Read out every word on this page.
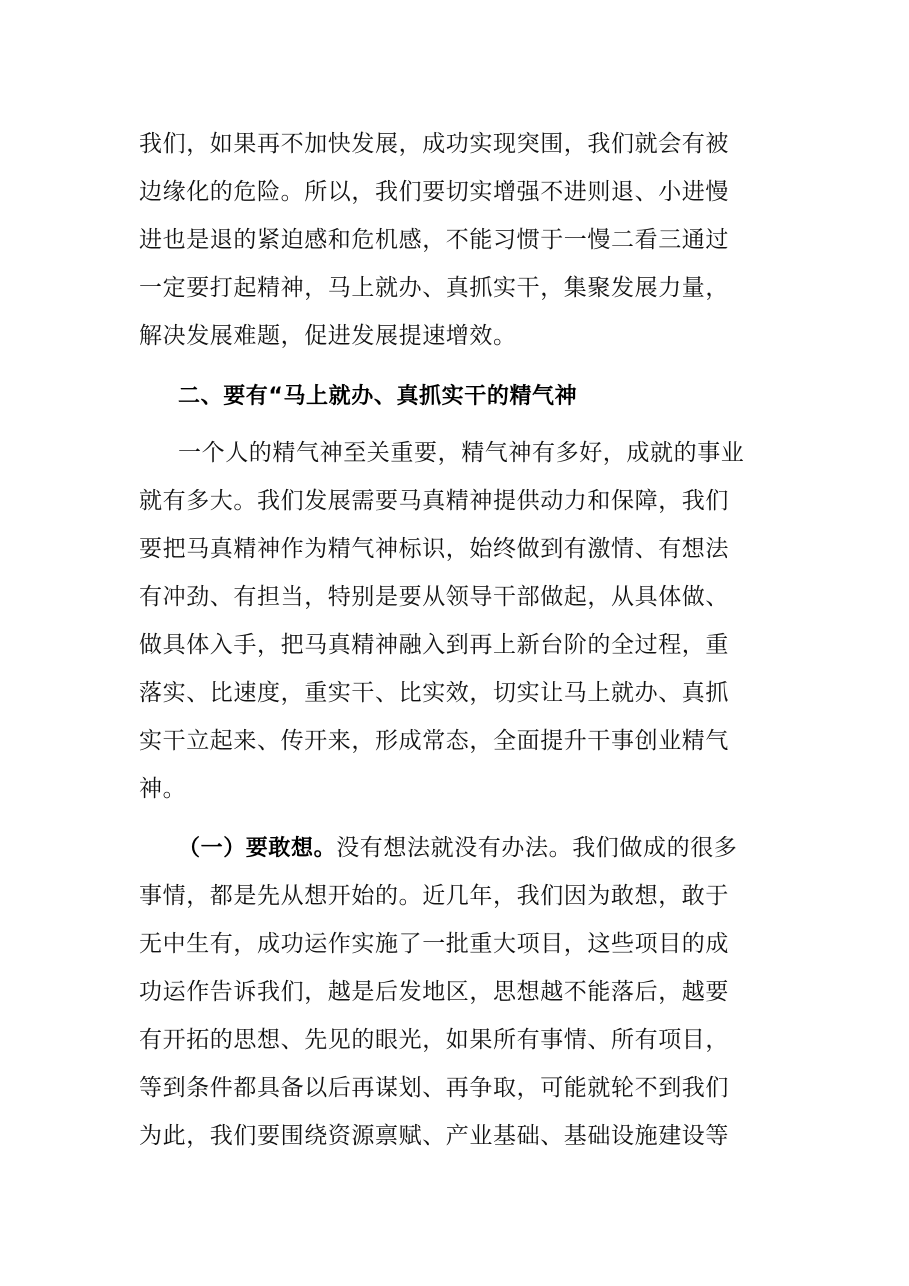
我们，如果再不加快发展，成功实现突围，我们就会有被
边缘化的危险。所以，我们要切实增强不进则退、小进慢
进也是退的紧迫感和危机感，不能习惯于一慢二看三通过
一定要打起精神，马上就办、真抓实干，集聚发展力量，
解决发展难题，促进发展提速增效。
二、要有“马上就办、真抓实干的精气神
一个人的精气神至关重要，精气神有多好，成就的事业
就有多大。我们发展需要马真精神提供动力和保障，我们
要把马真精神作为精气神标识，始终做到有激情、有想法
有冲劲、有担当，特别是要从领导干部做起，从具体做、
做具体入手，把马真精神融入到再上新台阶的全过程，重
落实、比速度，重实干、比实效，切实让马上就办、真抓
实干立起来、传开来，形成常态，全面提升干事创业精气
神。
（一）要敢想。没有想法就没有办法。我们做成的很多
事情，都是先从想开始的。近几年，我们因为敢想，敢于
无中生有，成功运作实施了一批重大项目，这些项目的成
功运作告诉我们，越是后发地区，思想越不能落后，越要
有开拓的思想、先见的眼光，如果所有事情、所有项目，
等到条件都具备以后再谋划、再争取，可能就轮不到我们
为此，我们要围绕资源禀赋、产业基础、基础设施建设等
